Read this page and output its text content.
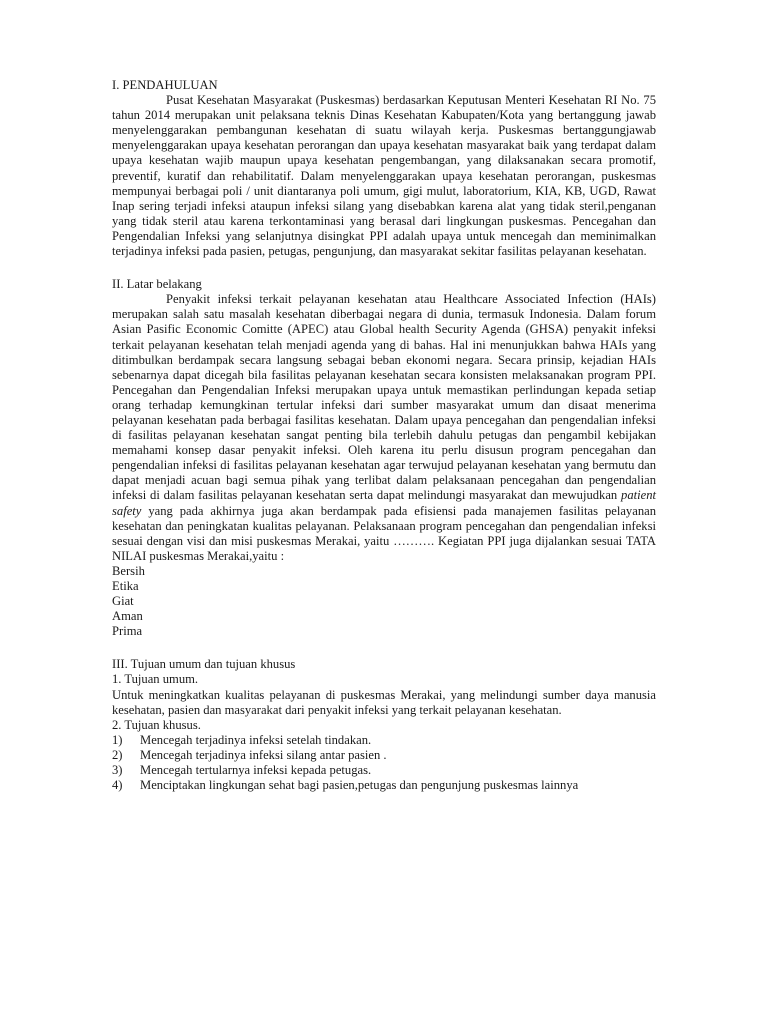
I. PENDAHULUAN

Pusat Kesehatan Masyarakat (Puskesmas) berdasarkan Keputusan Menteri Kesehatan RI No. 75 tahun 2014 merupakan unit pelaksana teknis Dinas Kesehatan Kabupaten/Kota yang bertanggung jawab menyelenggarakan pembangunan kesehatan di suatu wilayah kerja. Puskesmas bertanggungjawab menyelenggarakan upaya kesehatan perorangan dan upaya kesehatan masyarakat baik yang terdapat dalam upaya kesehatan wajib maupun upaya kesehatan pengembangan, yang dilaksanakan secara promotif, preventif, kuratif dan rehabilitatif. Dalam menyelenggarakan upaya kesehatan perorangan, puskesmas mempunyai berbagai poli / unit diantaranya poli umum, gigi mulut, laboratorium, KIA, KB, UGD, Rawat Inap sering terjadi infeksi ataupun infeksi silang yang disebabkan karena alat yang tidak steril,penganan yang tidak steril atau karena terkontaminasi yang berasal dari lingkungan puskesmas. Pencegahan dan Pengendalian Infeksi yang selanjutnya disingkat PPI adalah upaya untuk mencegah dan meminimalkan terjadinya infeksi pada pasien, petugas, pengunjung, dan masyarakat sekitar fasilitas pelayanan kesehatan.

II. Latar belakang

Penyakit infeksi terkait pelayanan kesehatan atau Healthcare Associated Infection (HAIs) merupakan salah satu masalah kesehatan diberbagai negara di dunia, termasuk Indonesia. Dalam forum Asian Pasific Economic Comitte (APEC) atau Global health Security Agenda (GHSA) penyakit infeksi terkait pelayanan kesehatan telah menjadi agenda yang di bahas. Hal ini menunjukkan bahwa HAIs yang ditimbulkan berdampak secara langsung sebagai beban ekonomi negara. Secara prinsip, kejadian HAIs sebenarnya dapat dicegah bila fasilitas pelayanan kesehatan secara konsisten melaksanakan program PPI. Pencegahan dan Pengendalian Infeksi merupakan upaya untuk memastikan perlindungan kepada setiap orang terhadap kemungkinan tertular infeksi dari sumber masyarakat umum dan disaat menerima pelayanan kesehatan pada berbagai fasilitas kesehatan. Dalam upaya pencegahan dan pengendalian infeksi di fasilitas pelayanan kesehatan sangat penting bila terlebih dahulu petugas dan pengambil kebijakan memahami konsep dasar penyakit infeksi. Oleh karena itu perlu disusun program pencegahan dan pengendalian infeksi di fasilitas pelayanan kesehatan agar terwujud pelayanan kesehatan yang bermutu dan dapat menjadi acuan bagi semua pihak yang terlibat dalam pelaksanaan pencegahan dan pengendalian infeksi di dalam fasilitas pelayanan kesehatan serta dapat melindungi masyarakat dan mewujudkan patient safety yang pada akhirnya juga akan berdampak pada efisiensi pada manajemen fasilitas pelayanan kesehatan dan peningkatan kualitas pelayanan. Pelaksanaan program pencegahan dan pengendalian infeksi sesuai dengan visi dan misi puskesmas Merakai, yaitu ………. Kegiatan PPI juga dijalankan sesuai TATA NILAI puskesmas Merakai,yaitu :

Bersih
Etika
Giat
Aman
Prima

III. Tujuan umum dan tujuan khusus

1. Tujuan umum.

Untuk meningkatkan kualitas pelayanan di puskesmas Merakai, yang melindungi sumber daya manusia kesehatan, pasien dan masyarakat dari penyakit infeksi yang terkait pelayanan kesehatan.

2. Tujuan khusus.

1) Mencegah terjadinya infeksi setelah tindakan.
2) Mencegah terjadinya infeksi silang antar pasien .
3) Mencegah tertularnya infeksi kepada petugas.
4) Menciptakan lingkungan sehat bagi pasien,petugas dan pengunjung puskesmas lainnya
